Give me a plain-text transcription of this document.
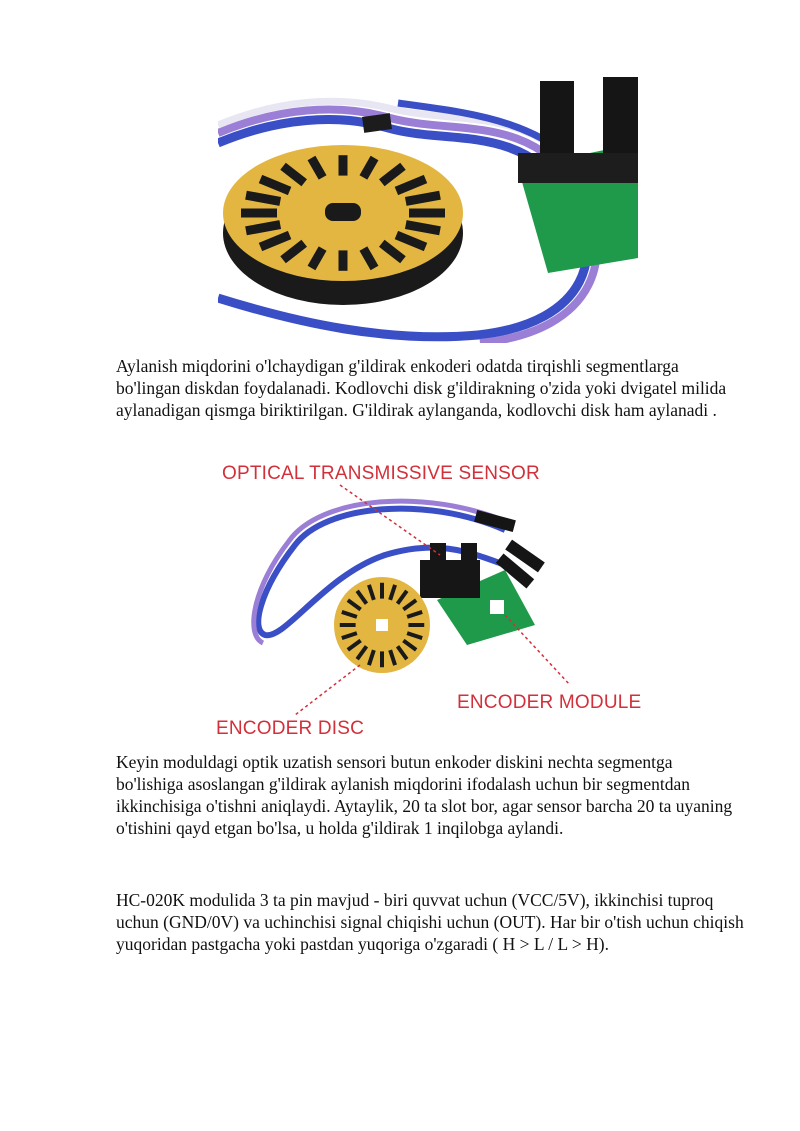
Aylanish miqdorini o'lchaydigan g'ildirak enkoderi odatda tirqishli segmentlarga bo'lingan diskdan foydalanadi. Kodlovchi disk g'ildirakning o'zida yoki dvigatel milida aylanadigan qismga biriktirilgan. G'ildirak aylanganda, kodlovchi disk ham aylanadi .

OPTICAL TRANSMISSIVE SENSOR
ENCODER MODULE
ENCODER DISC

Keyin moduldagi optik uzatish sensori butun enkoder diskini nechta segmentga bo'lishiga asoslangan g'ildirak aylanish miqdorini ifodalash uchun bir segmentdan ikkinchisiga o'tishni aniqlaydi. Aytaylik, 20 ta slot bor, agar sensor barcha 20 ta uyaning o'tishini qayd etgan bo'lsa, u holda g'ildirak 1 inqilobga aylandi.

HC-020K modulida 3 ta pin mavjud - biri quvvat uchun (VCC/5V), ikkinchisi tuproq uchun (GND/0V) va uchinchisi signal chiqishi uchun (OUT). Har bir o'tish uchun chiqish yuqoridan pastgacha yoki pastdan yuqoriga o'zgaradi ( H > L / L > H).
